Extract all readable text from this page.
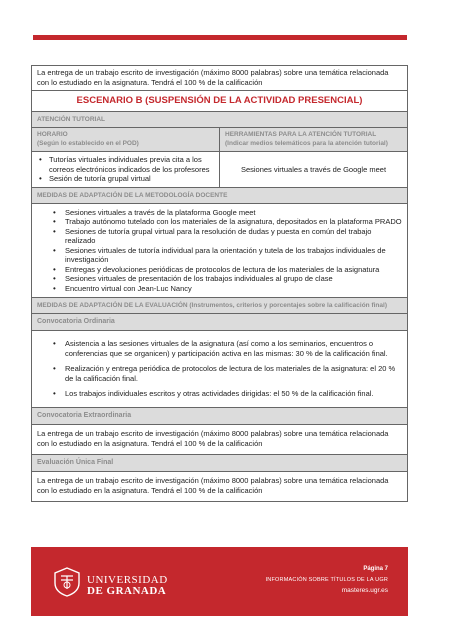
La entrega de un trabajo escrito de investigación (máximo 8000 palabras) sobre una temática relacionada con lo estudiado en la asignatura. Tendrá el 100 % de la calificación
ESCENARIO B (SUSPENSIÓN DE LA ACTIVIDAD PRESENCIAL)
ATENCIÓN TUTORIAL
HORARIO
(Según lo establecido en el POD)
HERRAMIENTAS PARA LA ATENCIÓN TUTORIAL
(Indicar medios telemáticos para la atención tutorial)
• Tutorías virtuales individuales previa cita a los correos electrónicos indicados de los profesores
• Sesión de tutoría grupal virtual
Sesiones virtuales a través de Google meet
MEDIDAS DE ADAPTACIÓN DE LA METODOLOGÍA DOCENTE
• Sesiones virtuales a través de la plataforma Google meet
• Trabajo autónomo tutelado con los materiales de la asignatura, depositados en la plataforma PRADO
• Sesiones de tutoría grupal virtual para la resolución de dudas y puesta en común del trabajo realizado
• Sesiones virtuales de tutoría individual para la orientación y tutela de los trabajos individuales de investigación
• Entregas y devoluciones periódicas de protocolos de lectura de los materiales de la asignatura
• Sesiones virtuales de presentación de los trabajos individuales al grupo de clase
• Encuentro virtual con Jean-Luc Nancy
MEDIDAS DE ADAPTACIÓN DE LA EVALUACIÓN (Instrumentos, criterios y porcentajes sobre la calificación final)
Convocatoria Ordinaria
• Asistencia a las sesiones virtuales de la asignatura (así como a los seminarios, encuentros o conferencias que se organicen) y participación activa en las mismas: 30 % de la calificación final.
• Realización y entrega periódica de protocolos de lectura de los materiales de la asignatura: el 20 % de la calificación final.
• Los trabajos individuales escritos y otras actividades dirigidas: el 50 % de la calificación final.
Convocatoria Extraordinaria
La entrega de un trabajo escrito de investigación (máximo 8000 palabras) sobre una temática relacionada con lo estudiado en la asignatura. Tendrá el 100 % de la calificación
Evaluación Única Final
La entrega de un trabajo escrito de investigación (máximo 8000 palabras) sobre una temática relacionada con lo estudiado en la asignatura. Tendrá el 100 % de la calificación
UNIVERSIDAD
DE GRANADA
Página 7
INFORMACIÓN SOBRE TÍTULOS DE LA UGR
masteres.ugr.es
